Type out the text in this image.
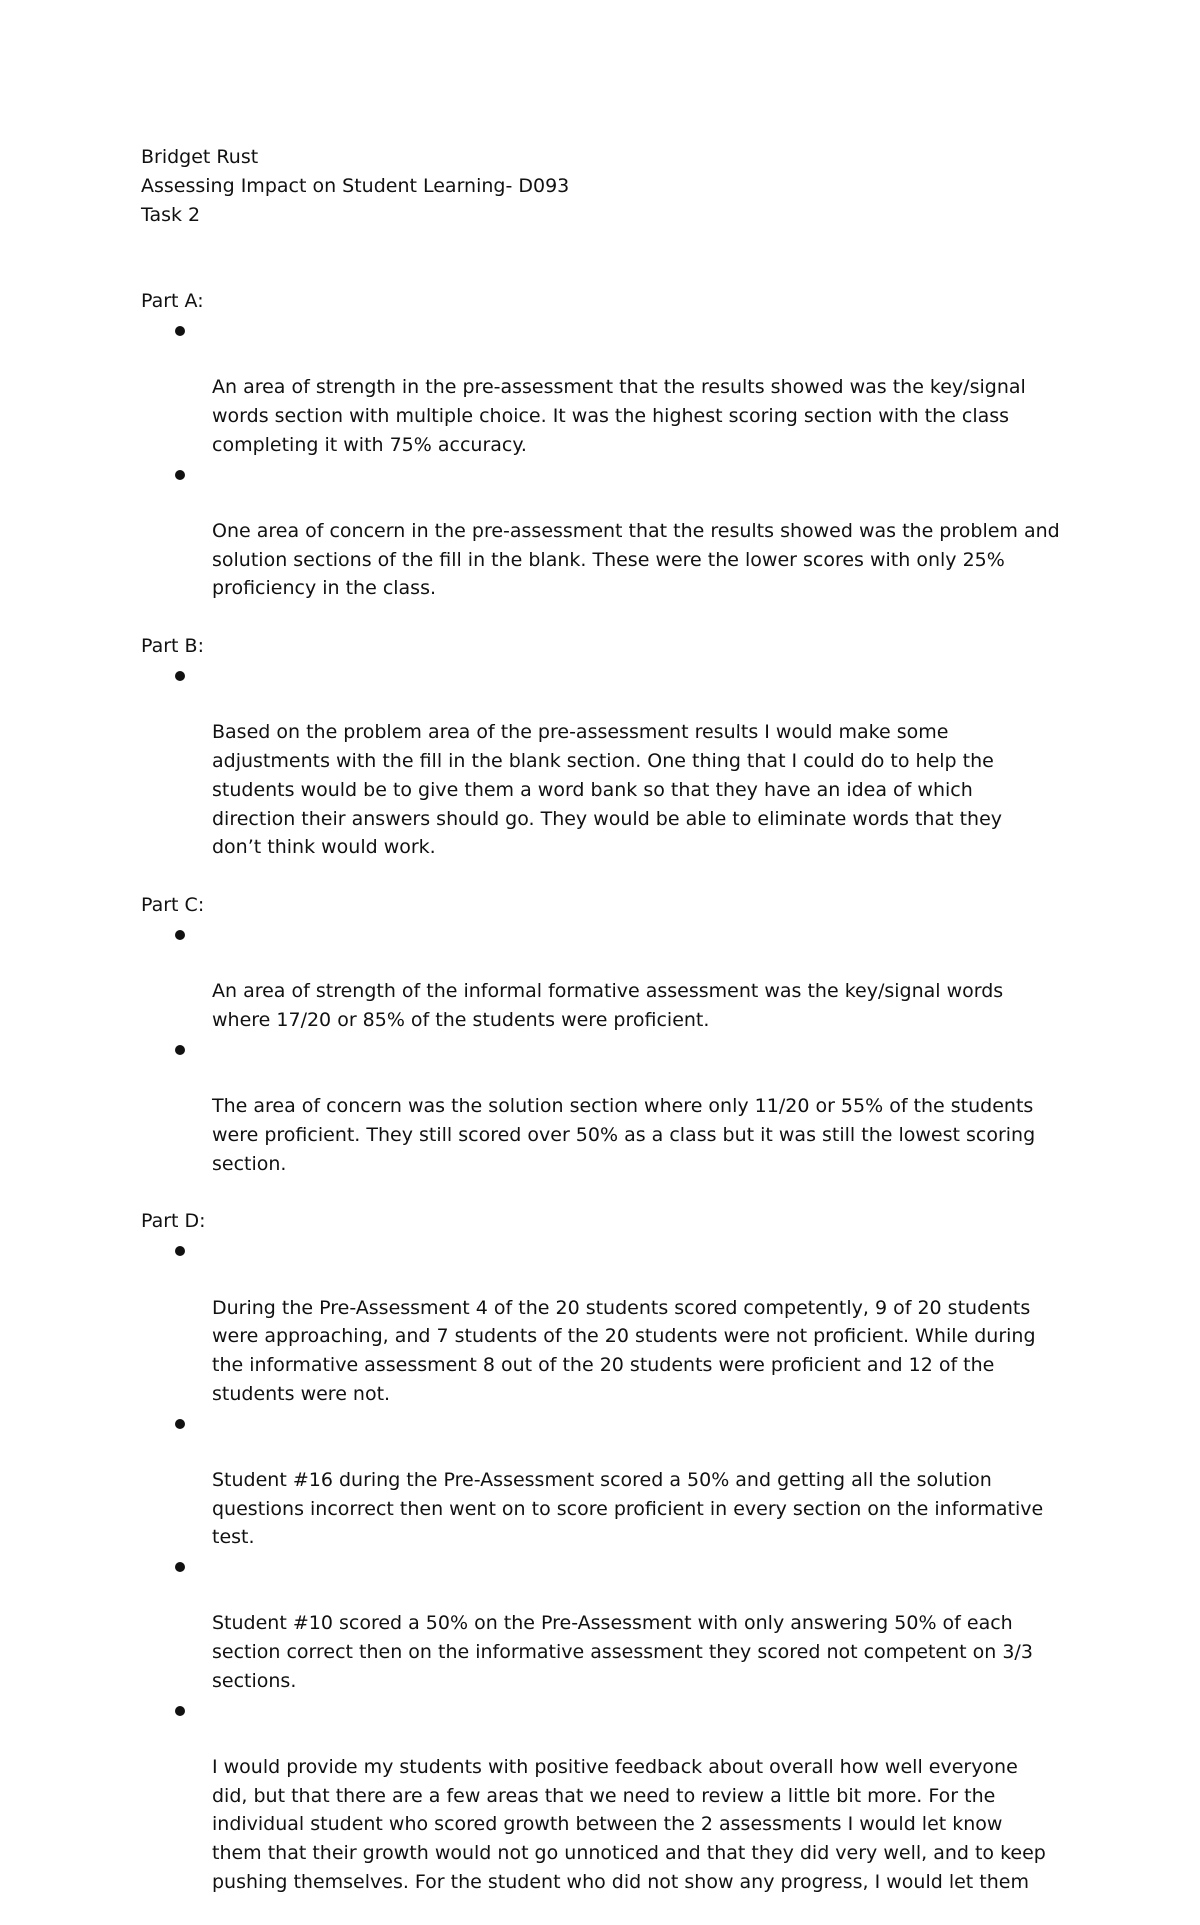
Bridget Rust
Assessing Impact on Student Learning- D093
Task 2
Part A:

An area of strength in the pre-assessment that the results showed was the key/signal
words section with multiple choice. It was the highest scoring section with the class
completing it with 75% accuracy.

One area of concern in the pre-assessment that the results showed was the problem and
solution sections of the fill in the blank. These were the lower scores with only 25%
proficiency in the class.

Part B:

Based on the problem area of the pre-assessment results I would make some
adjustments with the fill in the blank section. One thing that I could do to help the
students would be to give them a word bank so that they have an idea of which
direction their answers should go. They would be able to eliminate words that they
don’t think would work.

Part C:

An area of strength of the informal formative assessment was the key/signal words
where 17/20 or 85% of the students were proficient.

The area of concern was the solution section where only 11/20 or 55% of the students
were proficient. They still scored over 50% as a class but it was still the lowest scoring
section.

Part D:

During the Pre-Assessment 4 of the 20 students scored competently, 9 of 20 students
were approaching, and 7 students of the 20 students were not proficient. While during
the informative assessment 8 out of the 20 students were proficient and 12 of the
students were not.

Student #16 during the Pre-Assessment scored a 50% and getting all the solution
questions incorrect then went on to score proficient in every section on the informative
test.

Student #10 scored a 50% on the Pre-Assessment with only answering 50% of each
section correct then on the informative assessment they scored not competent on 3/3
sections.

I would provide my students with positive feedback about overall how well everyone
did, but that there are a few areas that we need to review a little bit more. For the
individual student who scored growth between the 2 assessments I would let know
them that their growth would not go unnoticed and that they did very well, and to keep
pushing themselves. For the student who did not show any progress, I would let them
